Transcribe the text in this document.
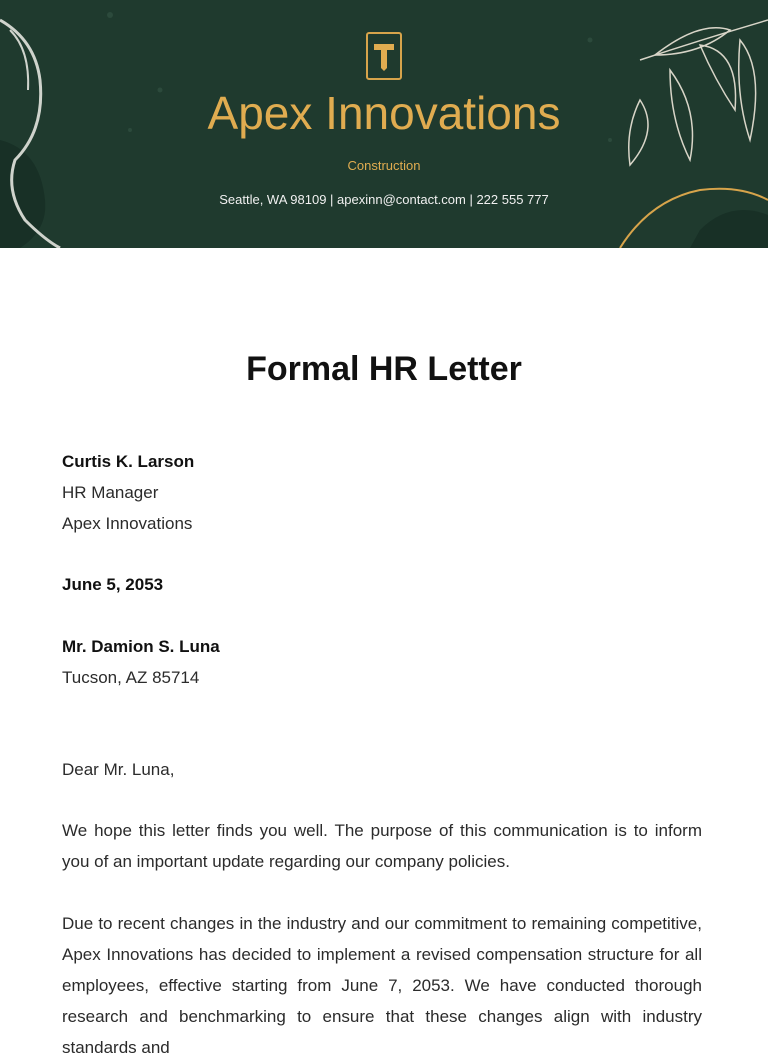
Apex Innovations
Construction
Seattle, WA 98109 | apexinn@contact.com | 222 555 777
Formal HR Letter
Curtis K. Larson
HR Manager
Apex Innovations
June 5, 2053
Mr. Damion S. Luna
Tucson, AZ 85714
Dear Mr. Luna,
We hope this letter finds you well. The purpose of this communication is to inform you of an important update regarding our company policies.
Due to recent changes in the industry and our commitment to remaining competitive, Apex Innovations has decided to implement a revised compensation structure for all employees, effective starting from June 7, 2053. We have conducted thorough research and benchmarking to ensure that these changes align with industry standards and
